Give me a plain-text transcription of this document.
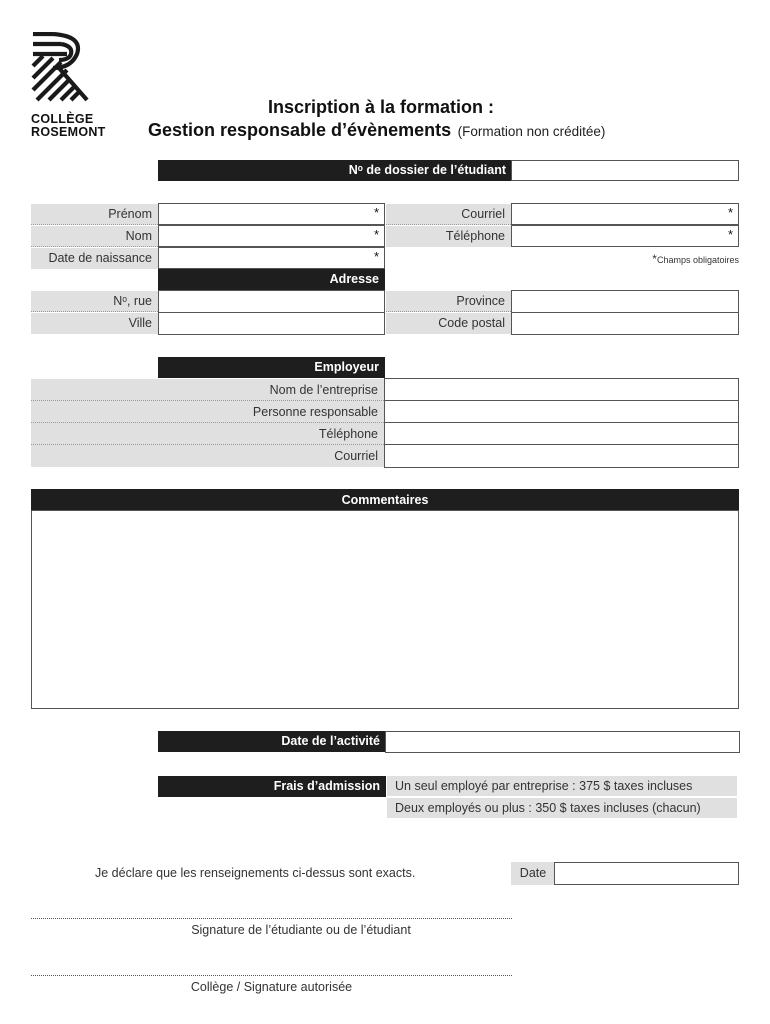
COLLÈGE
ROSEMONT
Inscription à la formation :
Gestion responsable d’évènements (Formation non créditée)
Nᵒ de dossier de l’étudiant
Prénom
Nom
Date de naissance
*
*
*
Courriel
Téléphone
*
*
*Champs obligatoires
Adresse
Nᵒ, rue
Ville
Province
Code postal
Employeur
Nom de l’entreprise
Personne responsable
Téléphone
Courriel
Commentaires
Date de l’activité
Frais d’admission	Un seul employé par entreprise : 375 $ taxes incluses
Deux employés ou plus : 350 $ taxes incluses (chacun)
Je déclare que les renseignements ci-dessus sont exacts.	Date
Signature de l’étudiante ou de l’étudiant
Collège / Signature autorisée
